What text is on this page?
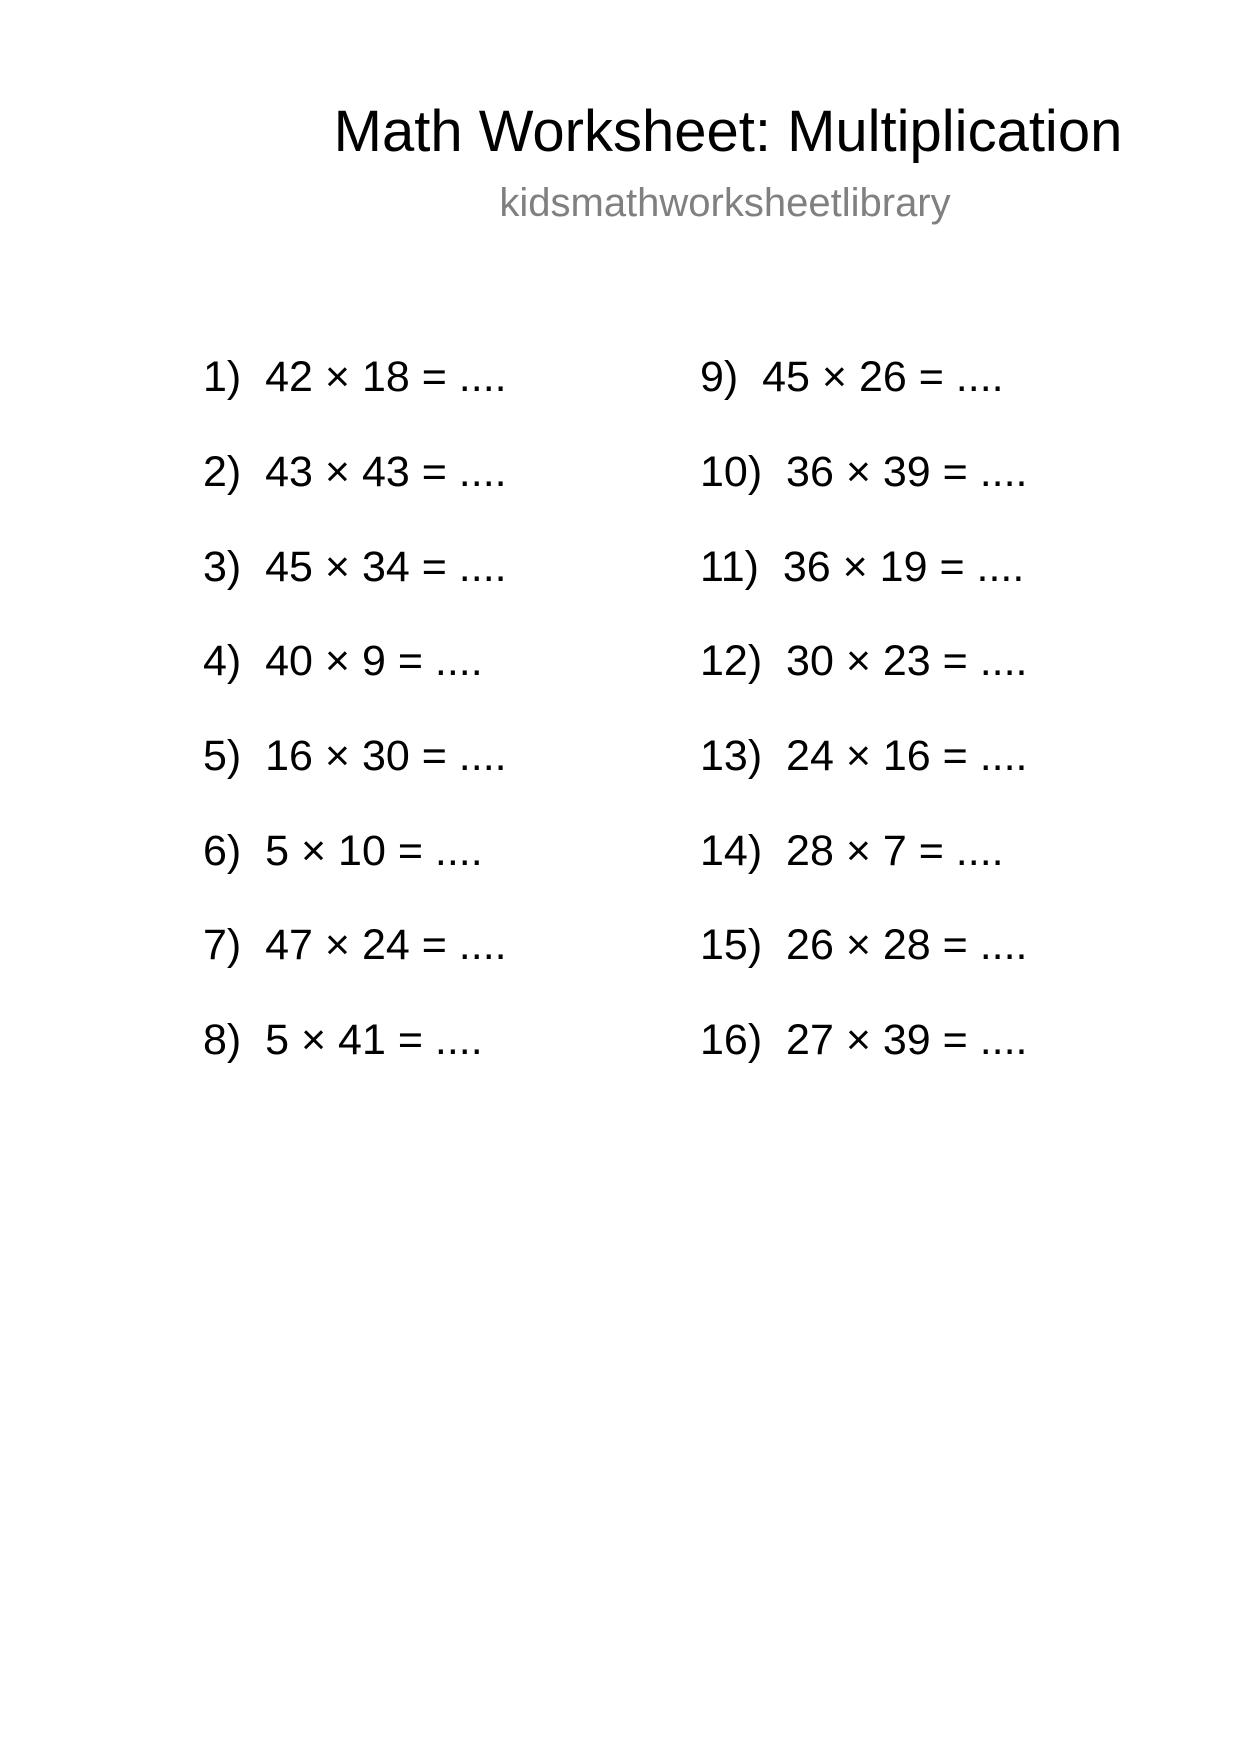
Math Worksheet: Multiplication
kidsmathworksheetlibrary
1)  42 × 18 = ....
2)  43 × 43 = ....
3)  45 × 34 = ....
4)  40 × 9 = ....
5)  16 × 30 = ....
6)  5 × 10 = ....
7)  47 × 24 = ....
8)  5 × 41 = ....
9)  45 × 26 = ....
10)  36 × 39 = ....
11)  36 × 19 = ....
12)  30 × 23 = ....
13)  24 × 16 = ....
14)  28 × 7 = ....
15)  26 × 28 = ....
16)  27 × 39 = ....
